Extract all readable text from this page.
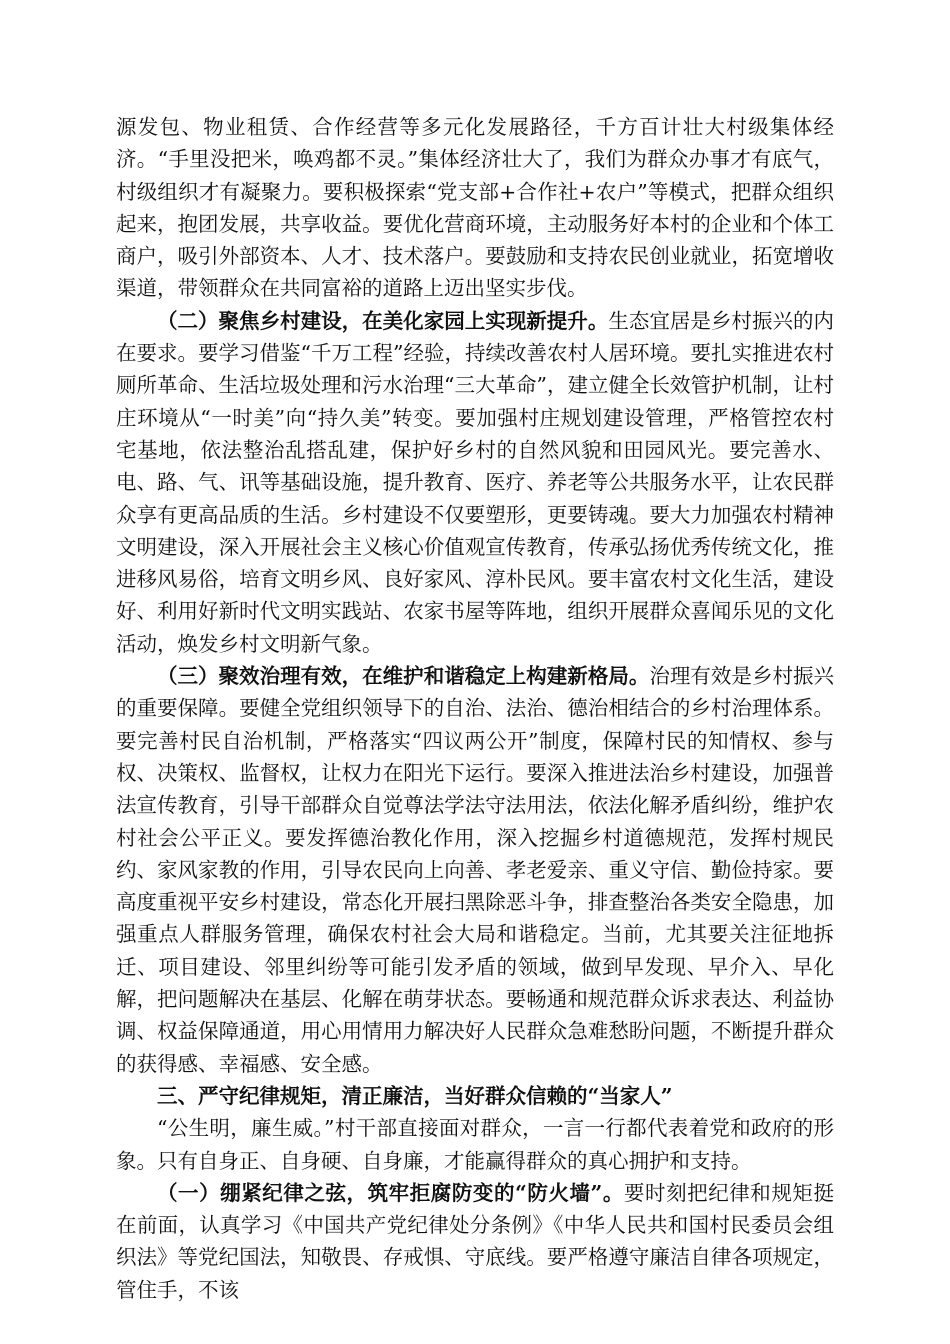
源发包、物业租赁、合作经营等多元化发展路径，千方百计壮大村级集体经济。“手里没把米，唤鸡都不灵。”集体经济壮大了，我们为群众办事才有底气，村级组织才有凝聚力。要积极探索“党支部+合作社+农户”等模式，把群众组织起来，抱团发展，共享收益。要优化营商环境，主动服务好本村的企业和个体工商户，吸引外部资本、人才、技术落户。要鼓励和支持农民创业就业，拓宽增收渠道，带领群众在共同富裕的道路上迈出坚实步伐。

（二）聚焦乡村建设，在美化家园上实现新提升。生态宜居是乡村振兴的内在要求。要学习借鉴“千万工程”经验，持续改善农村人居环境。要扎实推进农村厕所革命、生活垃圾处理和污水治理“三大革命”，建立健全长效管护机制，让村庄环境从“一时美”向“持久美”转变。要加强村庄规划建设管理，严格管控农村宅基地，依法整治乱搭乱建，保护好乡村的自然风貌和田园风光。要完善水、电、路、气、讯等基础设施，提升教育、医疗、养老等公共服务水平，让农民群众享有更高品质的生活。乡村建设不仅要塑形，更要铸魂。要大力加强农村精神文明建设，深入开展社会主义核心价值观宣传教育，传承弘扬优秀传统文化，推进移风易俗，培育文明乡风、良好家风、淳朴民风。要丰富农村文化生活，建设好、利用好新时代文明实践站、农家书屋等阵地，组织开展群众喜闻乐见的文化活动，焕发乡村文明新气象。

（三）聚效治理有效，在维护和谐稳定上构建新格局。治理有效是乡村振兴的重要保障。要健全党组织领导下的自治、法治、德治相结合的乡村治理体系。要完善村民自治机制，严格落实“四议两公开”制度，保障村民的知情权、参与权、决策权、监督权，让权力在阳光下运行。要深入推进法治乡村建设，加强普法宣传教育，引导干部群众自觉尊法学法守法用法，依法化解矛盾纠纷，维护农村社会公平正义。要发挥德治教化作用，深入挖掘乡村道德规范，发挥村规民约、家风家教的作用，引导农民向上向善、孝老爱亲、重义守信、勤俭持家。要高度重视平安乡村建设，常态化开展扫黑除恶斗争，排查整治各类安全隐患，加强重点人群服务管理，确保农村社会大局和谐稳定。当前，尤其要关注征地拆迁、项目建设、邻里纠纷等可能引发矛盾的领域，做到早发现、早介入、早化解，把问题解决在基层、化解在萌芽状态。要畅通和规范群众诉求表达、利益协调、权益保障通道，用心用情用力解决好人民群众急难愁盼问题，不断提升群众的获得感、幸福感、安全感。

三、严守纪律规矩，清正廉洁，当好群众信赖的“当家人”

“公生明，廉生威。”村干部直接面对群众，一言一行都代表着党和政府的形象。只有自身正、自身硬、自身廉，才能赢得群众的真心拥护和支持。

（一）绷紧纪律之弦，筑牢拒腐防变的“防火墙”。要时刻把纪律和规矩挺在前面，认真学习《中国共产党纪律处分条例》《中华人民共和国村民委员会组织法》等党纪国法，知敬畏、存戒惧、守底线。要严格遵守廉洁自律各项规定，管住手，不该
